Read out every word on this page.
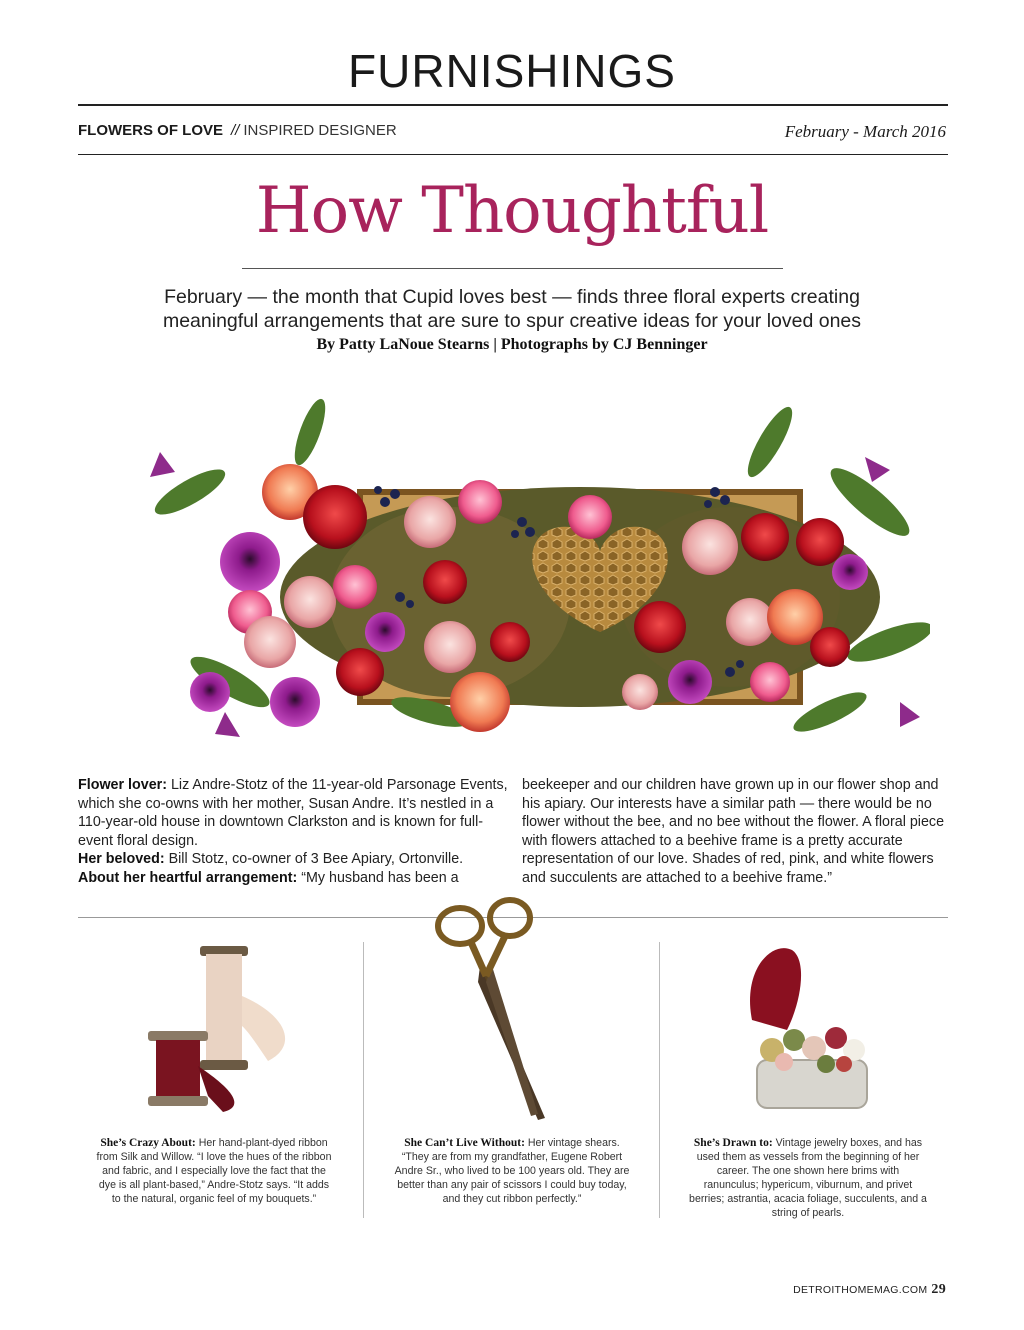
FURNISHINGS
FLOWERS OF LOVE // INSPIRED DESIGNER	February - March 2016
How Thoughtful
February — the month that Cupid loves best — finds three floral experts creating meaningful arrangements that are sure to spur creative ideas for your loved ones
By Patty LaNoue Stearns | Photographs by CJ Benninger
Flower lover: Liz Andre-Stotz of the 11-year-old Parsonage Events, which she co-owns with her mother, Susan Andre. It’s nestled in a 110-year-old house in downtown Clarkston and is known for full-event floral design.
Her beloved: Bill Stotz, co-owner of 3 Bee Apiary, Ortonville.
About her heartful arrangement: “My husband has been a
beekeeper and our children have grown up in our flower shop and his apiary. Our interests have a similar path — there would be no flower without the bee, and no bee without the flower. A floral piece with flowers attached to a beehive frame is a pretty accurate representation of our love. Shades of red, pink, and white flowers and succulents are attached to a beehive frame.”
She’s Crazy About: Her hand-plant-dyed ribbon from Silk and Willow. “I love the hues of the ribbon and fabric, and I especially love the fact that the dye is all plant-based,” Andre-Stotz says. “It adds to the natural, organic feel of my bouquets.”
She Can’t Live Without: Her vintage shears. “They are from my grandfather, Eugene Robert Andre Sr., who lived to be 100 years old. They are better than any pair of scissors I could buy today, and they cut ribbon perfectly.”
She’s Drawn to: Vintage jewelry boxes, and has used them as vessels from the beginning of her career. The one shown here brims with ranunculus; hypericum, viburnum, and privet berries; astrantia, acacia foliage, succulents, and a string of pearls.
DETROITHOMEMAG.COM 29
